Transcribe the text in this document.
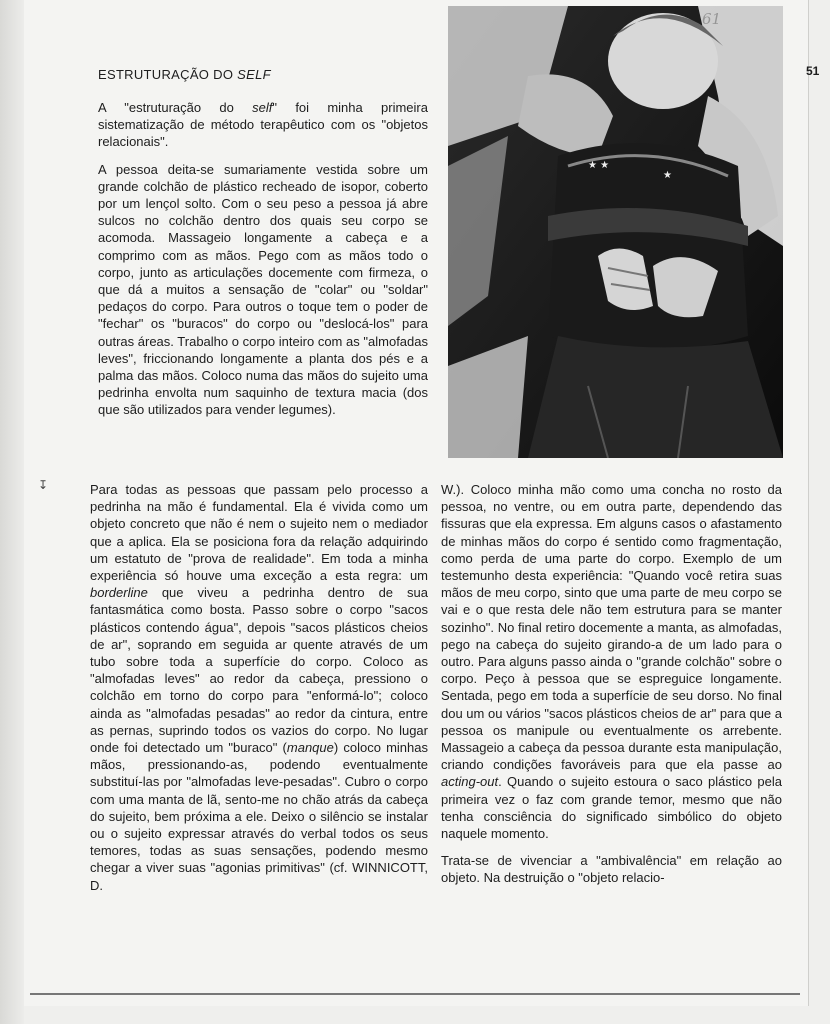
↧
51
ESTRUTURAÇÃO DO SELF
★ ★
★
61

A "estruturação do self" foi minha primeira sistematização de método terapêutico com os "objetos relacionais".

A pessoa deita-se sumariamente vestida sobre um grande colchão de plástico recheado de isopor, coberto por um lençol solto. Com o seu peso a pessoa já abre sulcos no colchão dentro dos quais seu corpo se acomoda. Massageio longamente a cabeça e a comprimo com as mãos. Pego com as mãos todo o corpo, junto as articulações docemente com firmeza, o que dá a muitos a sensação de "colar" ou "soldar" pedaços do corpo. Para outros o toque tem o poder de "fechar" os "buracos" do corpo ou "deslocá-los" para outras áreas. Trabalho o corpo inteiro com as "almofadas leves", friccionando longamente a planta dos pés e a palma das mãos. Coloco numa das mãos do sujeito uma pedrinha envolta num saquinho de textura macia (dos que são utilizados para vender legumes).

Para todas as pessoas que passam pelo processo a pedrinha na mão é fundamental. Ela é vivida como um objeto concreto que não é nem o sujeito nem o mediador que a aplica. Ela se posiciona fora da relação adquirindo um estatuto de "prova de realidade". Em toda a minha experiência só houve uma exceção a esta regra: um borderline que viveu a pedrinha dentro de sua fantasmática como bosta. Passo sobre o corpo "sacos plásticos contendo água", depois "sacos plásticos cheios de ar", soprando em seguida ar quente através de um tubo sobre toda a superfície do corpo. Coloco as "almofadas leves" ao redor da cabeça, pressiono o colchão em torno do corpo para "enformá-lo"; coloco ainda as "almofadas pesadas" ao redor da cintura, entre as pernas, suprindo todos os vazios do corpo. No lugar onde foi detectado um "buraco" (manque) coloco minhas mãos, pressionando-as, podendo eventualmente substituí-las por "almofadas leve-pesadas". Cubro o corpo com uma manta de lã, sento-me no chão atrás da cabeça do sujeito, bem próxima a ele. Deixo o silêncio se instalar ou o sujeito expressar através do verbal todos os seus temores, todas as suas sensações, podendo mesmo chegar a viver suas "agonias primitivas" (cf. WINNICOTT, D.

W.). Coloco minha mão como uma concha no rosto da pessoa, no ventre, ou em outra parte, dependendo das fissuras que ela expressa. Em alguns casos o afastamento de minhas mãos do corpo é sentido como fragmentação, como perda de uma parte do corpo. Exemplo de um testemunho desta experiência: "Quando você retira suas mãos de meu corpo, sinto que uma parte de meu corpo se vai e o que resta dele não tem estrutura para se manter sozinho". No final retiro docemente a manta, as almofadas, pego na cabeça do sujeito girando-a de um lado para o outro. Para alguns passo ainda o "grande colchão" sobre o corpo. Peço à pessoa que se espreguice longamente. Sentada, pego em toda a superfície de seu dorso. No final dou um ou vários "sacos plásticos cheios de ar" para que a pessoa os manipule ou eventualmente os arrebente. Massageio a cabeça da pessoa durante esta manipulação, criando condições favoráveis para que ela passe ao acting-out. Quando o sujeito estoura o saco plástico pela primeira vez o faz com grande temor, mesmo que não tenha consciência do significado simbólico do objeto naquele momento.

Trata-se de vivenciar a "ambivalência" em relação ao objeto. Na destruição o "objeto relacio-
